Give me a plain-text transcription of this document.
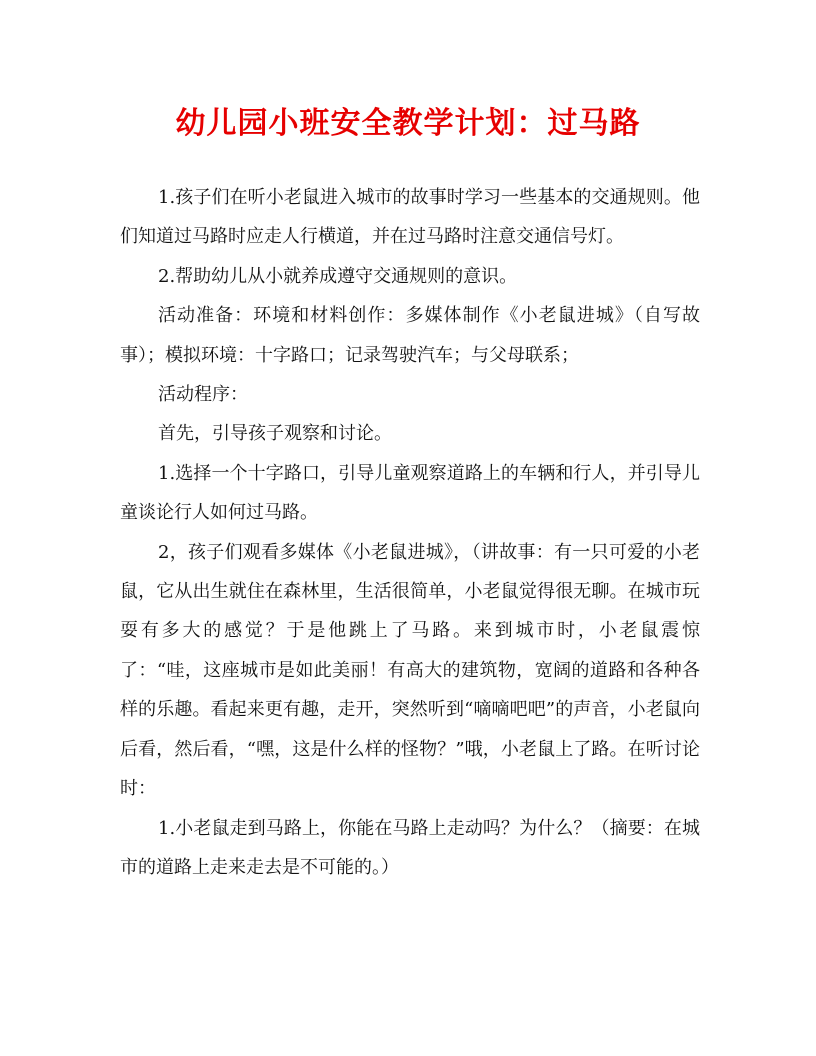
幼儿园小班安全教学计划：过马路

1.孩子们在听小老鼠进入城市的故事时学习一些基本的交通规则。他们知道过马路时应走人行横道，并在过马路时注意交通信号灯。

2.帮助幼儿从小就养成遵守交通规则的意识。

活动准备：环境和材料创作：多媒体制作《小老鼠进城》（自写故事）；模拟环境：十字路口；记录驾驶汽车；与父母联系；

活动程序：

首先，引导孩子观察和讨论。

1.选择一个十字路口，引导儿童观察道路上的车辆和行人，并引导儿童谈论行人如何过马路。

2，孩子们观看多媒体《小老鼠进城》，（讲故事：有一只可爱的小老鼠，它从出生就住在森林里，生活很简单，小老鼠觉得很无聊。在城市玩耍有多大的感觉？于是他跳上了马路。来到城市时，小老鼠震惊了：“哇，这座城市是如此美丽！有高大的建筑物，宽阔的道路和各种各样的乐趣。看起来更有趣，走开，突然听到“嘀嘀吧吧”的声音，小老鼠向后看，然后看，“嘿，这是什么样的怪物？”哦，小老鼠上了路。在听讨论时：

1.小老鼠走到马路上，你能在马路上走动吗？为什么？（摘要：在城市的道路上走来走去是不可能的。）
